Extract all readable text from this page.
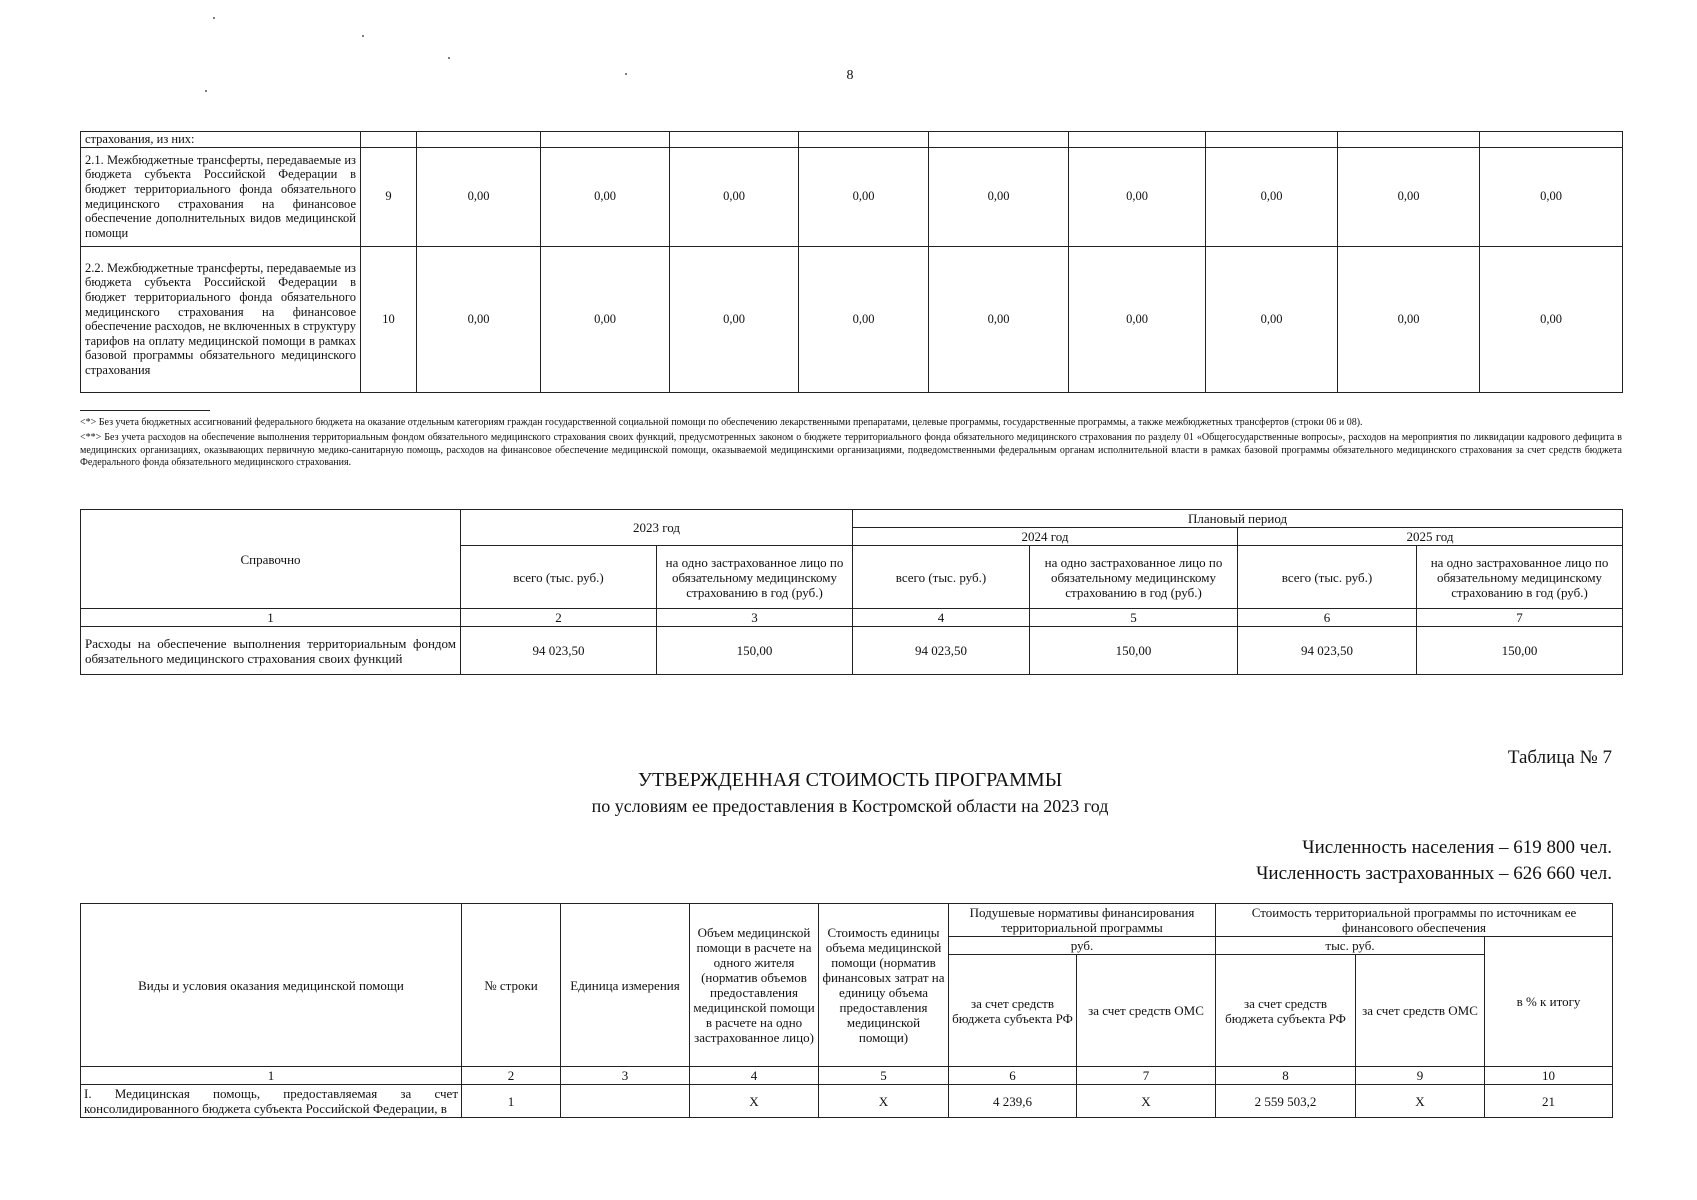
8
страхования, из них:										
2.1. Межбюджетные трансферты, передаваемые из бюджета субъекта Российской Федерации в бюджет территориального фонда обязательного медицинского страхования на финансовое обеспечение дополнительных видов медицинской помощи	9	0,00	0,00	0,00	0,00	0,00	0,00	0,00	0,00	0,00
2.2. Межбюджетные трансферты, передаваемые из бюджета субъекта Российской Федерации в бюджет территориального фонда обязательного медицинского страхования на финансовое обеспечение расходов, не включенных в структуру тарифов на оплату медицинской помощи в рамках базовой программы обязательного медицинского страхования	10	0,00	0,00	0,00	0,00	0,00	0,00	0,00	0,00	0,00

<*> Без учета бюджетных ассигнований федерального бюджета на оказание отдельным категориям граждан государственной социальной помощи по обеспечению лекарственными препаратами, целевые программы, государственные программы, а также межбюджетных трансфертов (строки 06 и 08).

<**> Без учета расходов на обеспечение выполнения территориальным фондом обязательного медицинского страхования своих функций, предусмотренных законом о бюджете территориального фонда обязательного медицинского страхования по разделу 01 «Общегосударственные вопросы», расходов на мероприятия по ликвидации кадрового дефицита в медицинских организациях, оказывающих первичную медико-санитарную помощь, расходов на финансовое обеспечение медицинской помощи, оказываемой медицинскими организациями, подведомственными федеральным органам исполнительной власти в рамках базовой программы обязательного медицинского страхования за счет средств бюджета Федерального фонда обязательного медицинского страхования.

Справочно	2023 год		Плановый период			
			2024 год		2025 год	
	всего (тыс. руб.)	на одно застрахованное лицо по обязательному медицинскому страхованию в год (руб.)	всего (тыс. руб.)	на одно застрахованное лицо по обязательному медицинскому страхованию в год (руб.)	всего (тыс. руб.)	на одно застрахованное лицо по обязательному медицинскому страхованию в год (руб.)
1	2	3	4	5	6	7
Расходы на обеспечение выполнения территориальным фондом обязательного медицинского страхования своих функций	94 023,50	150,00	94 023,50	150,00	94 023,50	150,00
Таблица № 7
УТВЕРЖДЕННАЯ СТОИМОСТЬ ПРОГРАММЫ
по условиям ее предоставления в Костромской области на 2023 год
Численность населения – 619 800 чел.
Численность застрахованных – 626 660 чел.
Виды и условия оказания медицинской помощи	№ строки	Единица измерения	Объем медицинской помощи в расчете на одного жителя (норматив объемов предоставления медицинской помощи в расчете на одно застрахованное лицо)	Стоимость единицы объема медицинской помощи (норматив финансовых затрат на единицу объема предоставления медицинской помощи)	Подушевые нормативы финансирования территориальной программы		Стоимость территориальной программы по источникам ее финансового обеспечения		
					руб.		тыс. руб.		в % к итогу
					за счет средств бюджета субъекта РФ	за счет средств ОМС	за счет средств бюджета субъекта РФ	за счет средств ОМС	
1	2	3	4	5	6	7	8	9	10
I. Медицинская помощь, предоставляемая за счет консолидированного бюджета субъекта Российской Федерации, в	1		X	X	4 239,6	X	2 559 503,2	X	21
